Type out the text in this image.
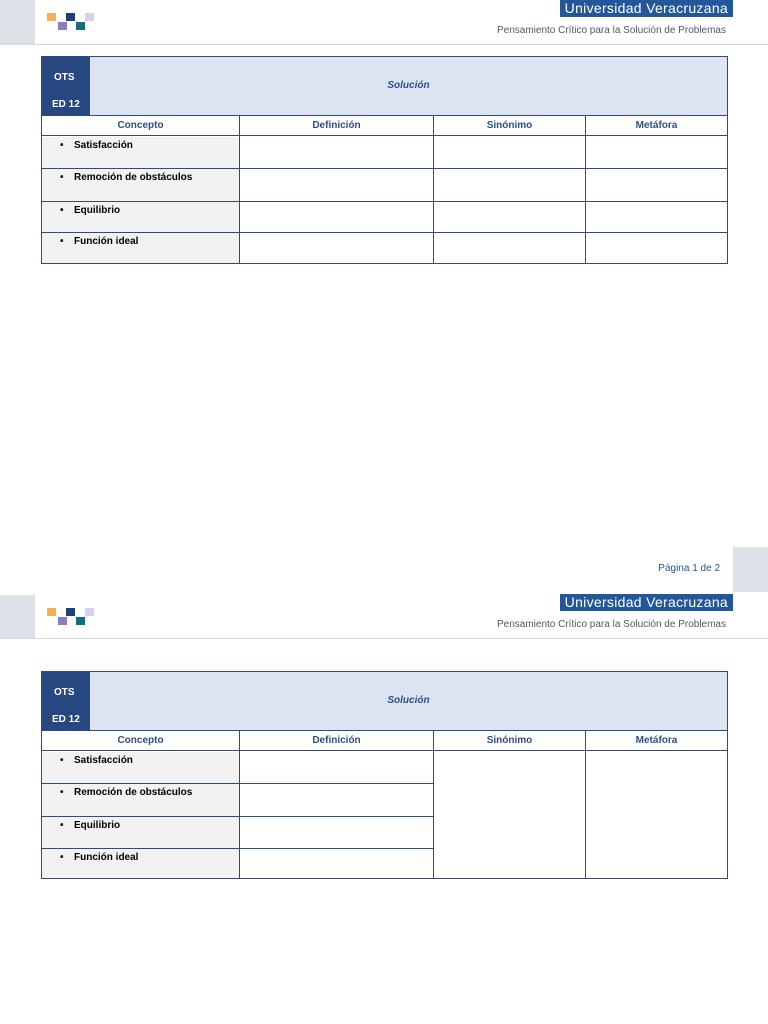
Universidad Veracruzana
Pensamiento Crítico para la Solución de Problemas
OTS
ED 12
Solución
Concepto	Definición	Sinónimo	Metáfora
• Satisfacción
• Remoción de obstáculos
• Equilibrio
• Función ideal
Página 1 de 2
Universidad Veracruzana
Pensamiento Crítico para la Solución de Problemas
OTS
ED 12
Solución
Concepto	Definición	Sinónimo	Metáfora
• Satisfacción
• Remoción de obstáculos
• Equilibrio
• Función ideal
